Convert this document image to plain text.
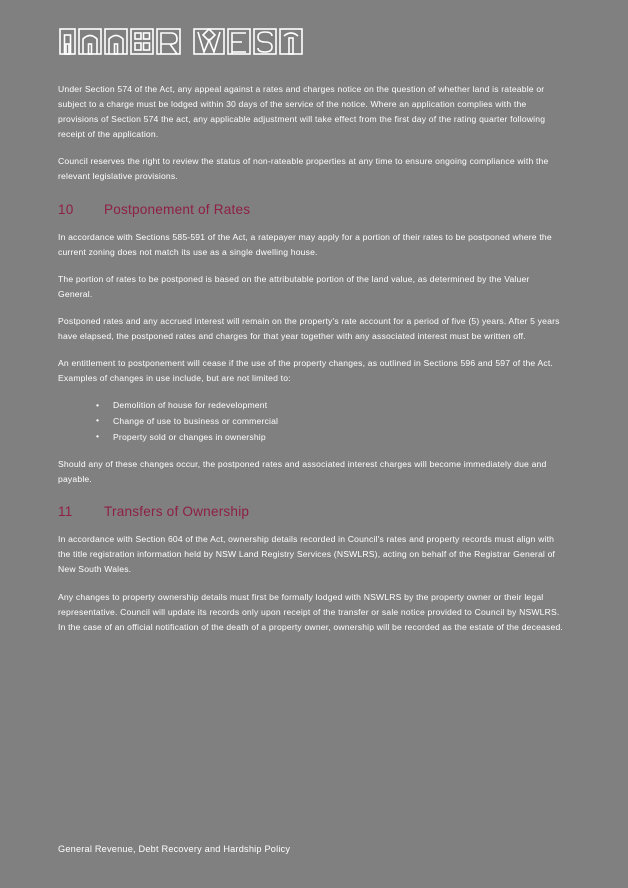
Under Section 574 of the Act, any appeal against a rates and charges notice on the question of whether land is rateable or subject to a charge must be lodged within 30 days of the service of the notice. Where an application complies with the provisions of Section 574 the act, any applicable adjustment will take effect from the first day of the rating quarter following receipt of the application.

Council reserves the right to review the status of non-rateable properties at any time to ensure ongoing compliance with the relevant legislative provisions.

10	Postponement of Rates

In accordance with Sections 585-591 of the Act, a ratepayer may apply for a portion of their rates to be postponed where the current zoning does not match its use as a single dwelling house.

The portion of rates to be postponed is based on the attributable portion of the land value, as determined by the Valuer General.

Postponed rates and any accrued interest will remain on the property's rate account for a period of five (5) years. After 5 years have elapsed, the postponed rates and charges for that year together with any associated interest must be written off.

An entitlement to postponement will cease if the use of the property changes, as outlined in Sections 596 and 597 of the Act. Examples of changes in use include, but are not limited to:

• Demolition of house for redevelopment
• Change of use to business or commercial
• Property sold or changes in ownership

Should any of these changes occur, the postponed rates and associated interest charges will become immediately due and payable.

11	Transfers of Ownership

In accordance with Section 604 of the Act, ownership details recorded in Council's rates and property records must align with the title registration information held by NSW Land Registry Services (NSWLRS), acting on behalf of the Registrar General of New South Wales.

Any changes to property ownership details must first be formally lodged with NSWLRS by the property owner or their legal representative. Council will update its records only upon receipt of the transfer or sale notice provided to Council by NSWLRS. In the case of an official notification of the death of a property owner, ownership will be recorded as the estate of the deceased.

General Revenue, Debt Recovery and Hardship Policy
